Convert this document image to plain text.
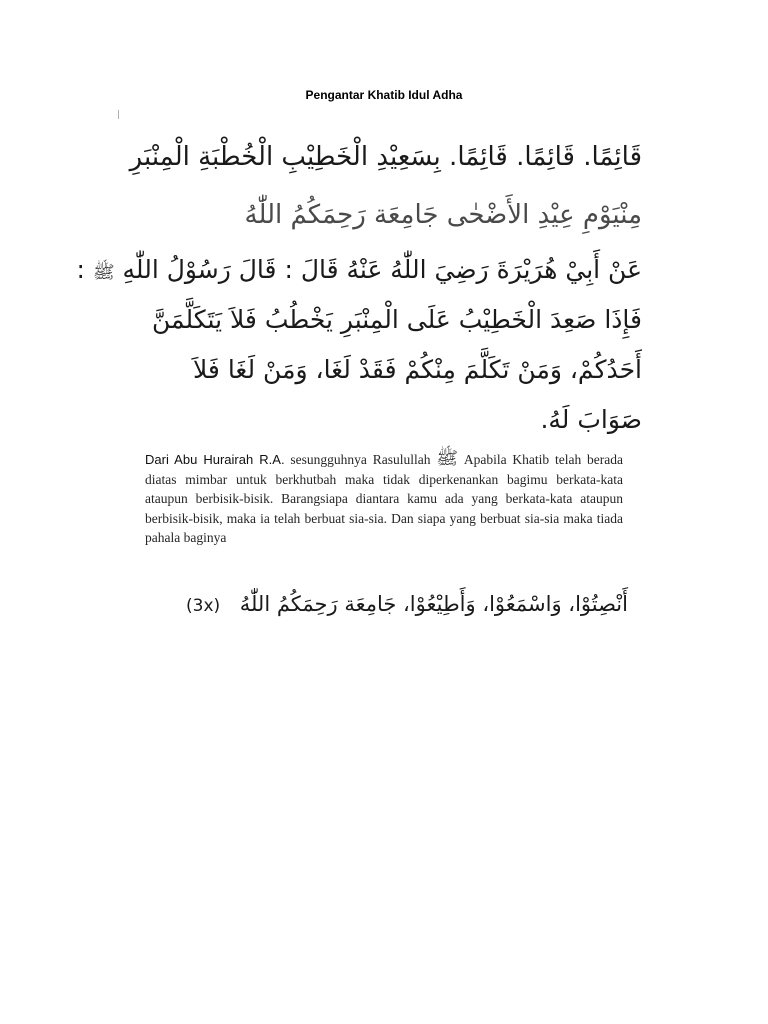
Pengantar Khatib Idul Adha
قَائِمًا. قَائِمًا. قَائِمًا. بِسَعِيْدِ الْخَطِيْبِ الْخُطْبَةِ الْمِنْبَرِ
مِنْيَوْمِ عِيْدِ الأَضْحٰى جَامِعَة رَحِمَكُمُ اللّٰهُ
عَنْ أَبِيْ هُرَيْرَةَ رَضِيَ اللّٰهُ عَنْهُ قَالَ : قَالَ رَسُوْلُ اللّٰهِ ﷺ :
فَإِذَا صَعِدَ الْخَطِيْبُ عَلَى الْمِنْبَرِ يَخْطُبُ فَلاَ يَتَكَلَّمَنَّ
أَحَدُكُمْ، وَمَنْ تَكَلَّمَ مِنْكُمْ فَقَدْ لَغَا، وَمَنْ لَغَا فَلاَ
صَوَابَ لَهُ.
Dari Abu Hurairah R.A. sesungguhnya Rasulullah ﷺ Apabila Khatib telah berada diatas mimbar untuk berkhutbah maka tidak diperkenankan bagimu berkata-kata ataupun berbisik-bisik. Barangsiapa diantara kamu ada yang berkata-kata ataupun berbisik-bisik, maka ia telah berbuat sia-sia. Dan siapa yang berbuat sia-sia maka tiada pahala baginya
(3x) أَنْصِتُوْا، وَاسْمَعُوْا، وَأَطِيْعُوْا، جَامِعَة رَحِمَكُمُ اللّٰهُ
